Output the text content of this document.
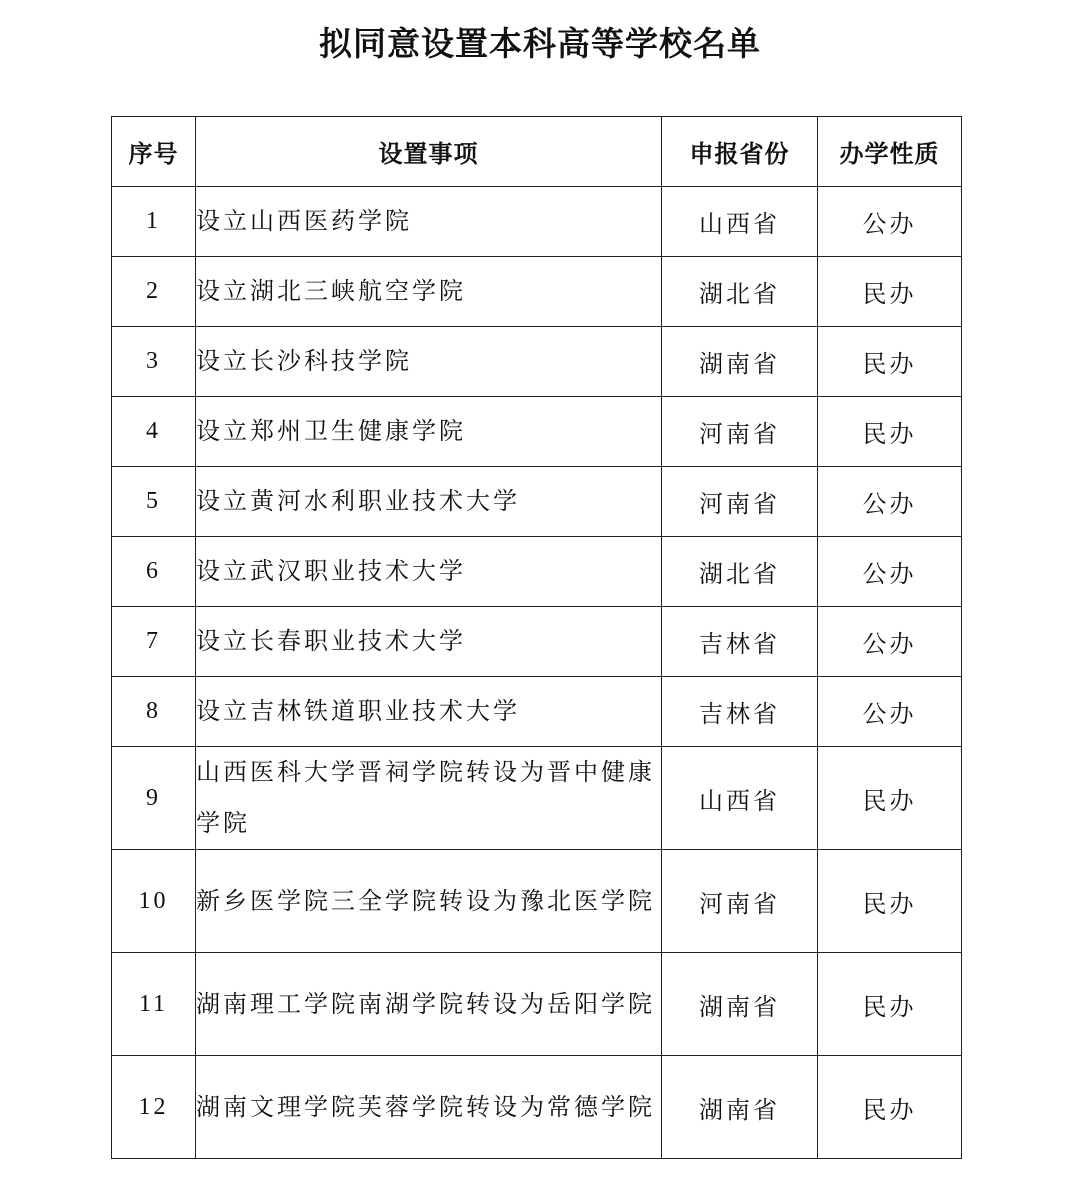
拟同意设置本科高等学校名单
序号	设置事项	申报省份	办学性质
1	设立山西医药学院	山西省	公办
2	设立湖北三峡航空学院	湖北省	民办
3	设立长沙科技学院	湖南省	民办
4	设立郑州卫生健康学院	河南省	民办
5	设立黄河水利职业技术大学	河南省	公办
6	设立武汉职业技术大学	湖北省	公办
7	设立长春职业技术大学	吉林省	公办
8	设立吉林铁道职业技术大学	吉林省	公办
9	山西医科大学晋祠学院转设为晋中健康学院	山西省	民办
10	新乡医学院三全学院转设为豫北医学院	河南省	民办
11	湖南理工学院南湖学院转设为岳阳学院	湖南省	民办
12	湖南文理学院芙蓉学院转设为常德学院	湖南省	民办
